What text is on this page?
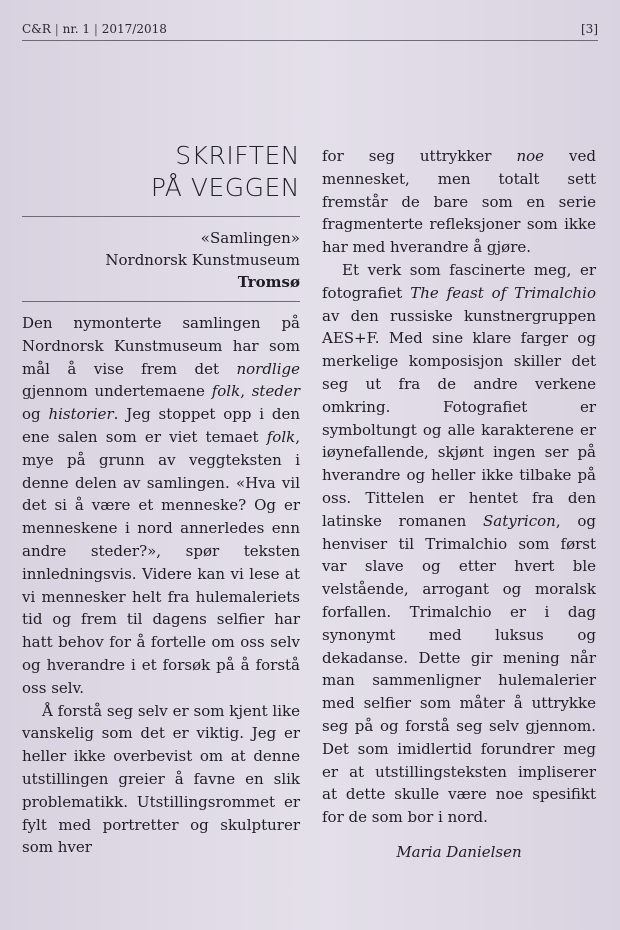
C&R | nr. 1 | 2017/2018	[3]
SKRIFTEN
PÅ VEGGEN
«Samlingen»
Nordnorsk Kunstmuseum
Tromsø

Den nymonterte samlingen på Nordnorsk Kunstmuseum har som mål å vise frem det nordlige gjennom undertemaene folk, steder og historier. Jeg stoppet opp i den ene salen som er viet temaet folk, mye på grunn av veggteksten i denne delen av samlingen. «Hva vil det si å være et menneske? Og er menneskene i nord annerledes enn andre steder?», spør teksten innledningsvis. Videre kan vi lese at vi mennesker helt fra hulemaleriets tid og frem til dagens selfier har hatt behov for å fortelle om oss selv og hverandre i et forsøk på å forstå oss selv.

Å forstå seg selv er som kjent like vanskelig som det er viktig. Jeg er heller ikke overbevist om at denne utstillingen greier å favne en slik problematikk. Utstillingsrommet er fylt med portretter og skulpturer som hver

for seg uttrykker noe ved mennesket, men totalt sett fremstår de bare som en serie fragmenterte refleksjoner som ikke har med hverandre å gjøre.

Et verk som fascinerte meg, er fotografiet The feast of Trimalchio av den russiske kunstnergruppen AES+F. Med sine klare farger og merkelige komposisjon skiller det seg ut fra de andre verkene omkring. Fotografiet er symboltungt og alle karakterene er iøynefallende, skjønt ingen ser på hverandre og heller ikke tilbake på oss. Tittelen er hentet fra den latinske romanen Satyricon, og henviser til Trimalchio som først var slave og etter hvert ble velstående, arrogant og moralsk forfallen. Trimalchio er i dag synonymt med luksus og dekadanse. Dette gir mening når man sammenligner hulemalerier med selfier som måter å uttrykke seg på og forstå seg selv gjennom. Det som imidlertid forundrer meg er at utstillingsteksten impliserer at dette skulle være noe spesifikt for de som bor i nord.

Maria Danielsen
